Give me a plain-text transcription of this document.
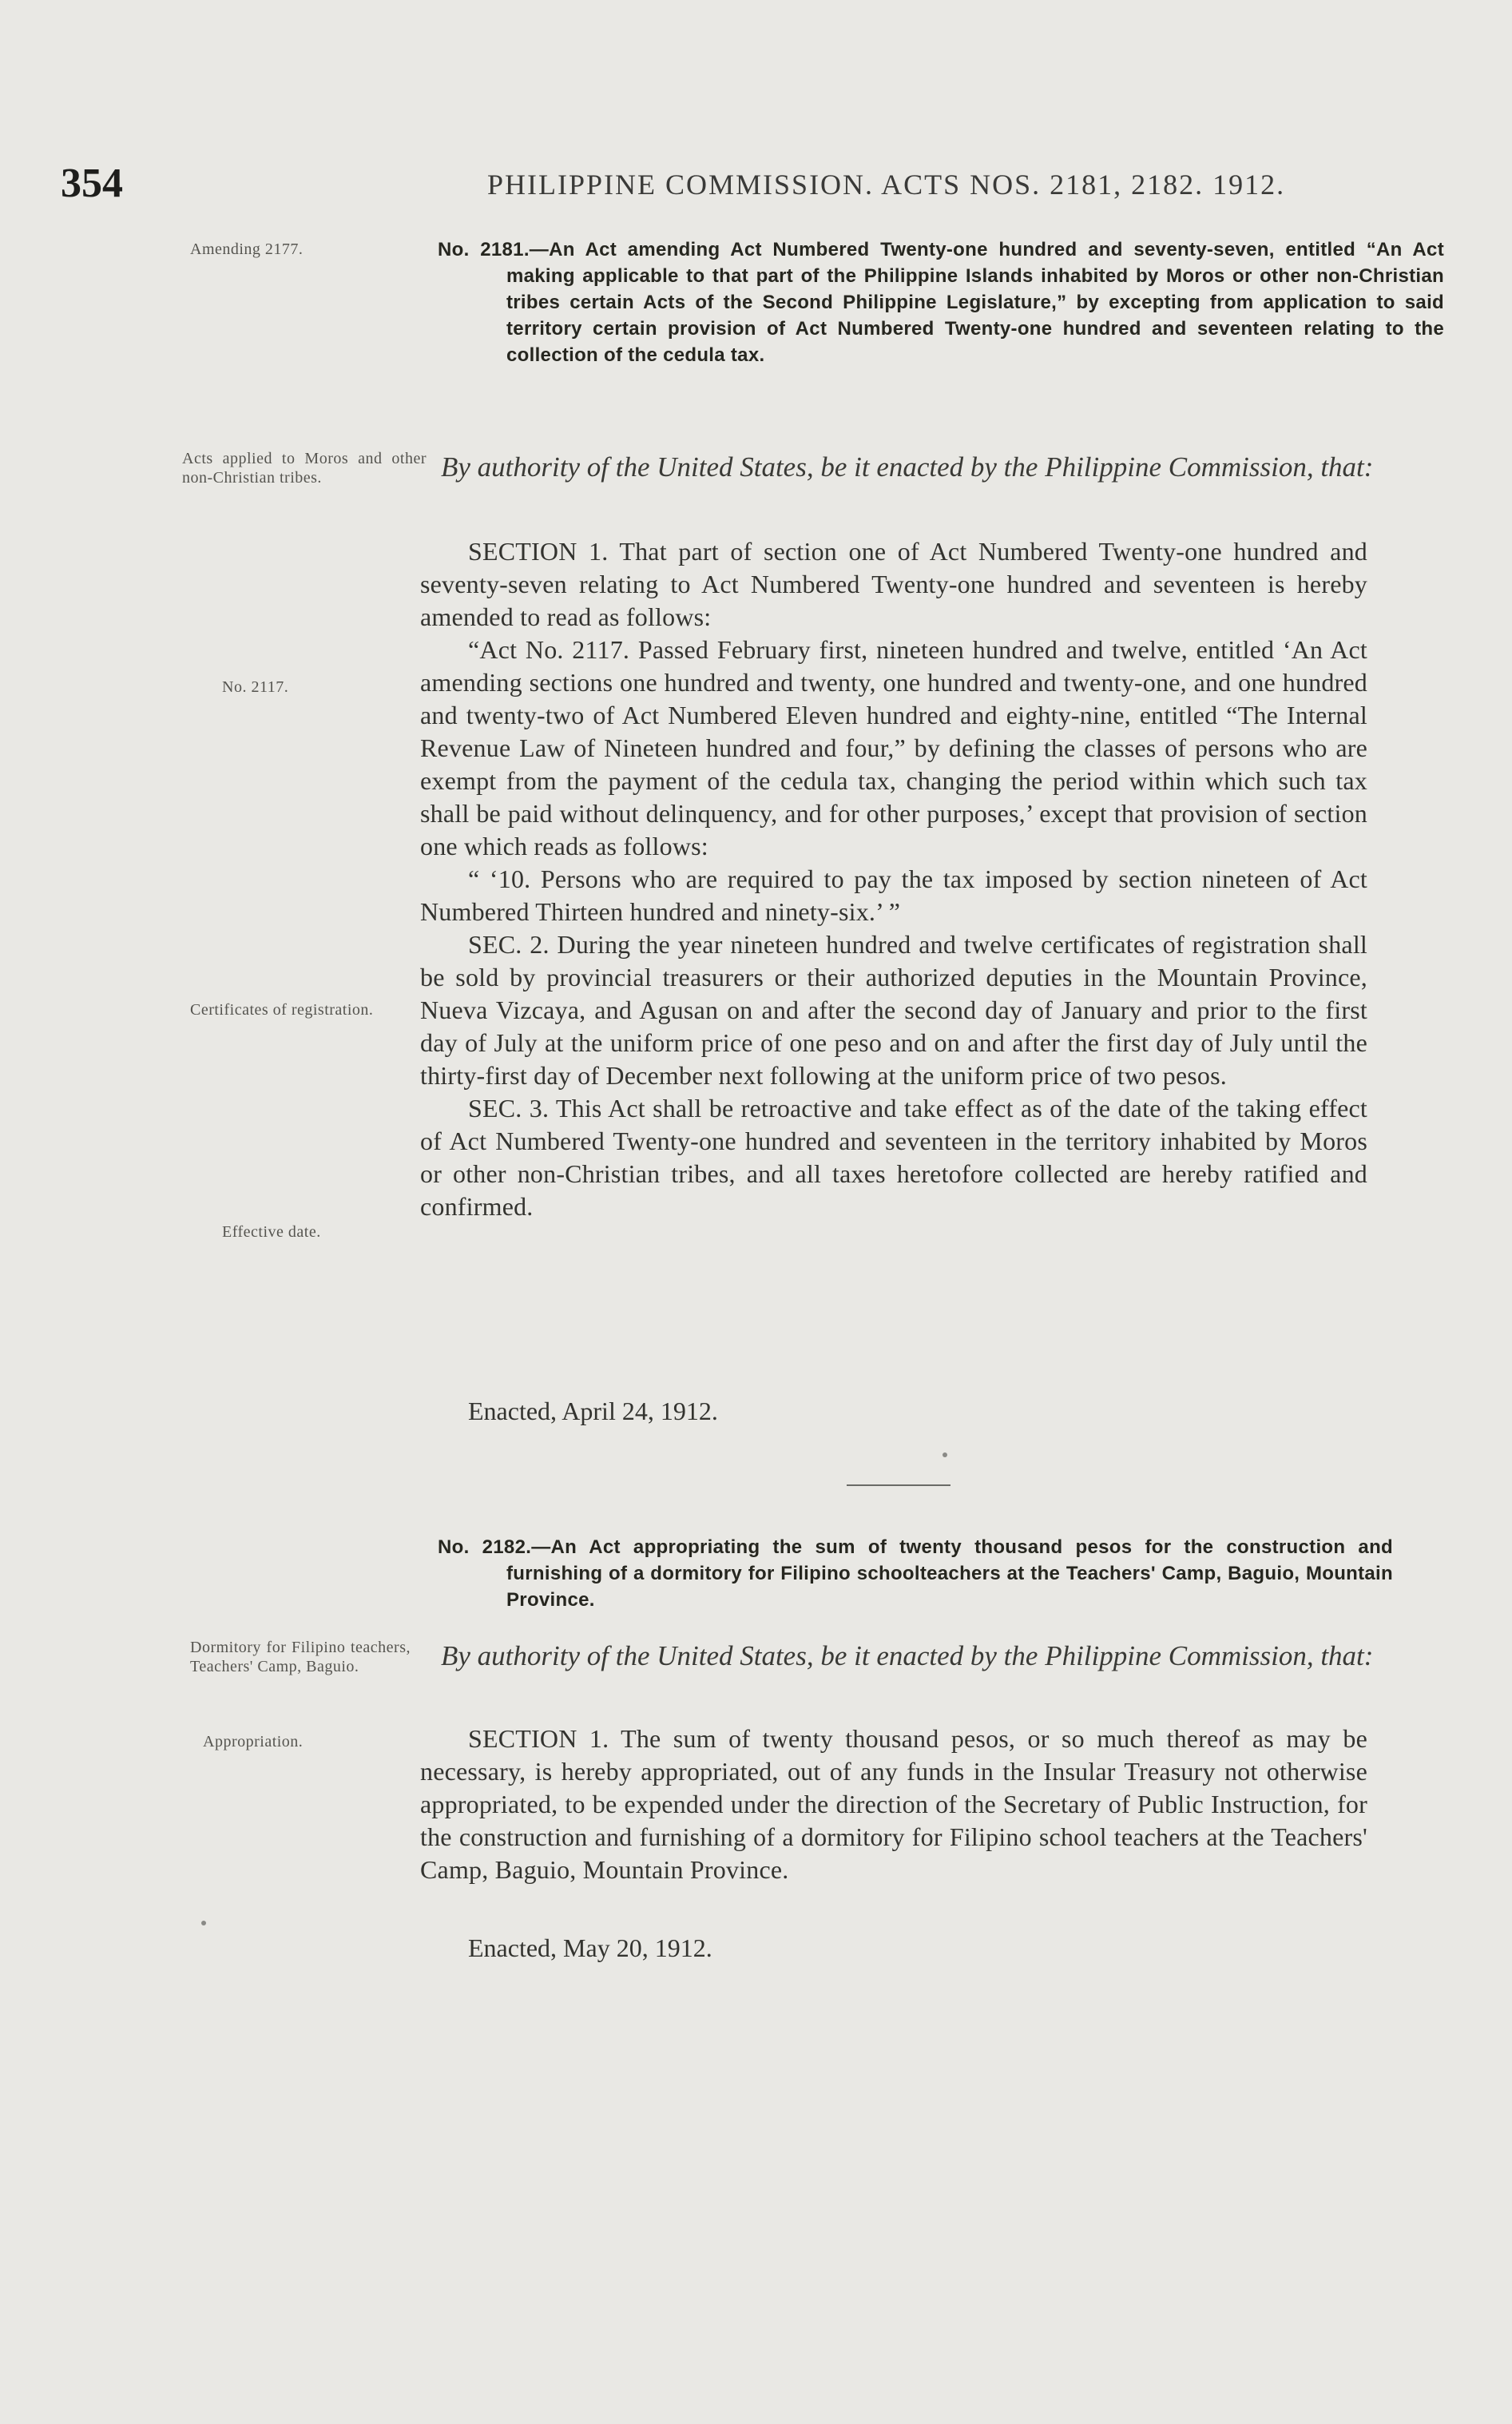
354	PHILIPPINE COMMISSION. ACTS NOS. 2181, 2182. 1912.
Amending 2177.
Acts applied to Moros and other non-Christian tribes.
No. 2117.
Certificates of registration.
Effective date.
Dormitory for Filipino teachers, Teachers' Camp, Baguio.
Appropriation.
No. 2181.—An Act amending Act Numbered Twenty-one hundred and seventy-seven, entitled “An Act making applicable to that part of the Philippine Islands inhabited by Moros or other non-Christian tribes certain Acts of the Second Philippine Legislature,” by excepting from application to said territory certain provision of Act Numbered Twenty-one hundred and seventeen relating to the collection of the cedula tax.
By authority of the United States, be it enacted by the Philippine Commission, that:

SECTION 1. That part of section one of Act Numbered Twenty-one hundred and seventy-seven relating to Act Numbered Twenty-one hundred and seventeen is hereby amended to read as follows:

“Act No. 2117. Passed February first, nineteen hundred and twelve, entitled ‘An Act amending sections one hundred and twenty, one hundred and twenty-one, and one hundred and twenty-two of Act Numbered Eleven hundred and eighty-nine, entitled “The Internal Revenue Law of Nineteen hundred and four,” by defining the classes of persons who are exempt from the payment of the cedula tax, changing the period within which such tax shall be paid without delinquency, and for other purposes,’ except that provision of section one which reads as follows:

“ ‘10. Persons who are required to pay the tax imposed by section nineteen of Act Numbered Thirteen hundred and ninety-six.’ ”

SEC. 2. During the year nineteen hundred and twelve certificates of registration shall be sold by provincial treasurers or their authorized deputies in the Mountain Province, Nueva Vizcaya, and Agusan on and after the second day of January and prior to the first day of July at the uniform price of one peso and on and after the first day of July until the thirty-first day of December next following at the uniform price of two pesos.

SEC. 3. This Act shall be retroactive and take effect as of the date of the taking effect of Act Numbered Twenty-one hundred and seventeen in the territory inhabited by Moros or other non-Christian tribes, and all taxes heretofore collected are hereby ratified and confirmed.

Enacted, April 24, 1912.
No. 2182.—An Act appropriating the sum of twenty thousand pesos for the construction and furnishing of a dormitory for Filipino schoolteachers at the Teachers' Camp, Baguio, Mountain Province.
By authority of the United States, be it enacted by the Philippine Commission, that:

SECTION 1. The sum of twenty thousand pesos, or so much thereof as may be necessary, is hereby appropriated, out of any funds in the Insular Treasury not otherwise appropriated, to be expended under the direction of the Secretary of Public Instruction, for the construction and furnishing of a dormitory for Filipino school teachers at the Teachers' Camp, Baguio, Mountain Province.

Enacted, May 20, 1912.
